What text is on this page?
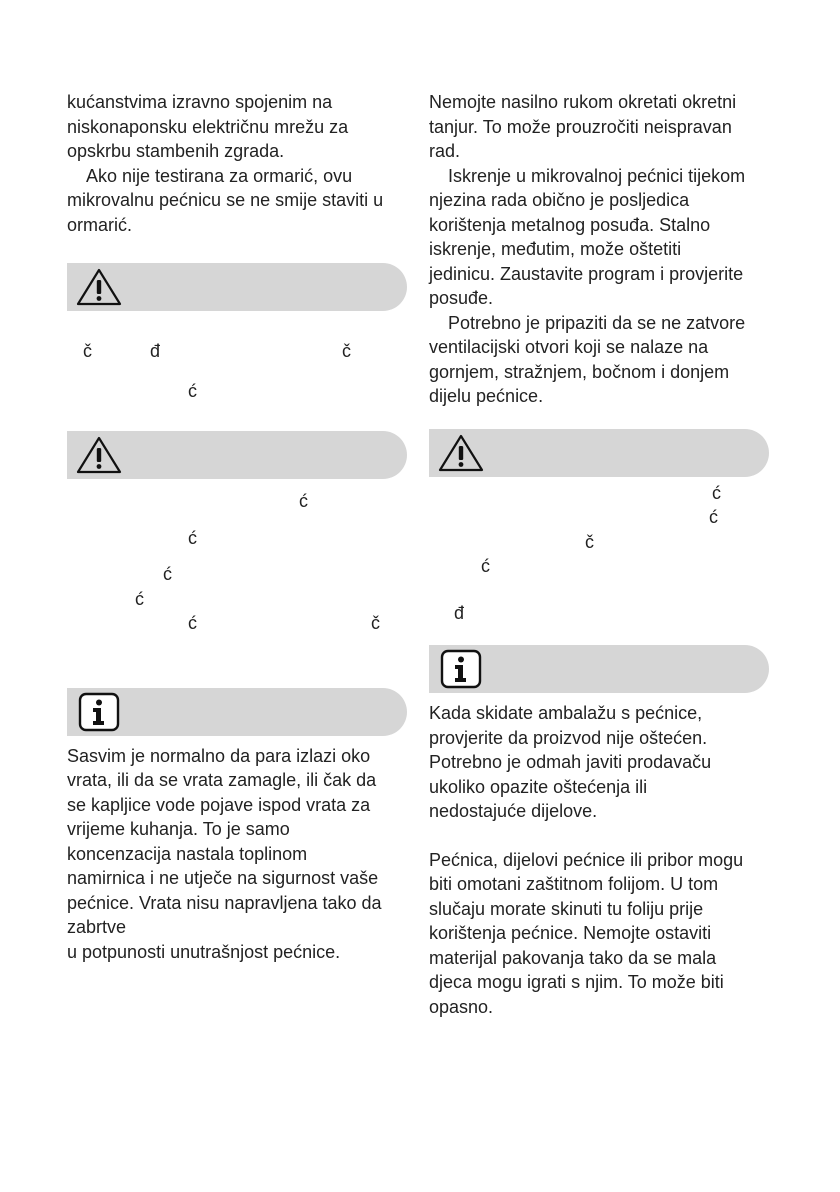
kućanstvima izravno spojenim na

niskonaponsku električnu mrežu za

opskrbu stambenih zgrada.

Ako nije testirana za ormarić, ovu

mikrovalnu pećnicu se ne smije staviti u

ormarić.

č	đ	č
ć
ć
ć
ć
ć
ć	č

Sasvim je normalno da para izlazi oko

vrata, ili da se vrata zamagle, ili čak da

se kapljice vode pojave ispod vrata za

vrijeme kuhanja. To je samo

koncenzacija nastala toplinom

namirnica i ne utječe na sigurnost vaše

pećnice. Vrata nisu napravljena tako da

zabrtve

u potpunosti unutrašnjost pećnice.

Nemojte nasilno rukom okretati okretni

tanjur. To može prouzročiti neispravan

rad.

Iskrenje u mikrovalnoj pećnici tijekom

njezina rada obično je posljedica

korištenja metalnog posuđa. Stalno

iskrenje, međutim, može oštetiti

jedinicu. Zaustavite program i provjerite

posuđe.

Potrebno je pripaziti da se ne zatvore

ventilacijski otvori koji se nalaze na

gornjem, stražnjem, bočnom i donjem

dijelu pećnice.

ć
ć
č
ć
đ

Kada skidate ambalažu s pećnice,

provjerite da proizvod nije oštećen.

Potrebno je odmah javiti prodavaču

ukoliko opazite oštećenja ili

nedostajuće dijelove.

Pećnica, dijelovi pećnice ili pribor mogu

biti omotani zaštitnom folijom. U tom

slučaju morate skinuti tu foliju prije

korištenja pećnice. Nemojte ostaviti

materijal pakovanja tako da se mala

djeca mogu igrati s njim. To može biti

opasno.
